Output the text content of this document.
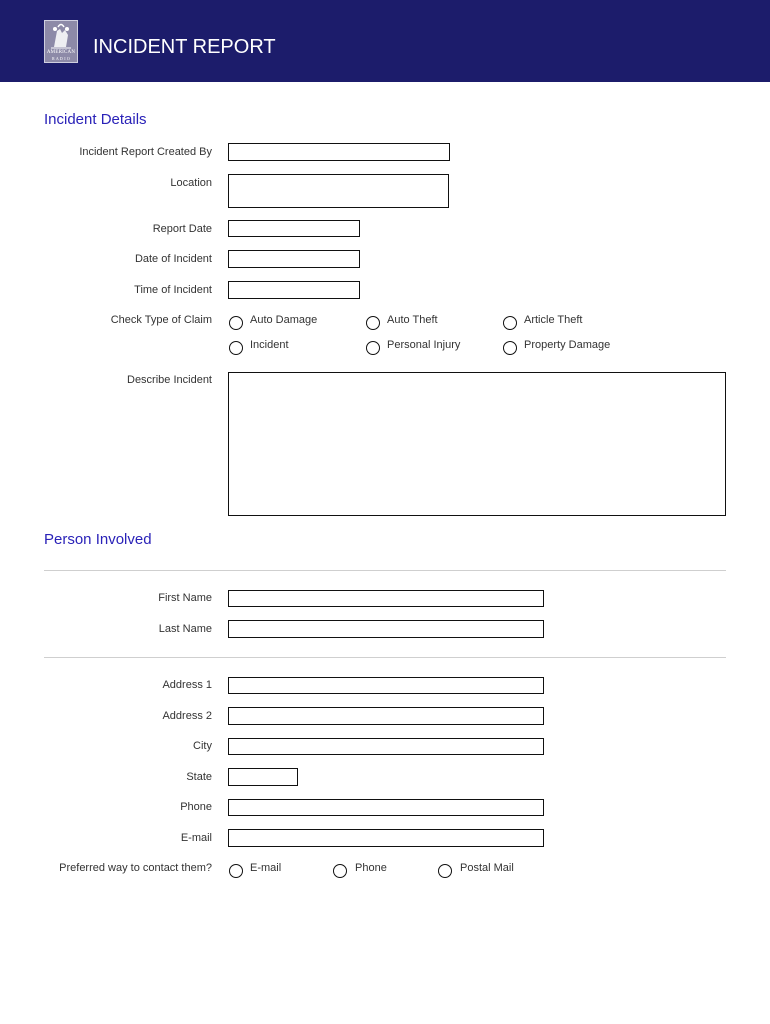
AMERICAN
R A D I O
INCIDENT REPORT
Incident Details
Incident Report Created By
Location
Report Date
Date of Incident
Time of Incident
Check Type of Claim	Auto Damage	Auto Theft	Article Theft
Incident	Personal Injury	Property Damage
Describe Incident
Person Involved
First Name
Last Name
Address 1
Address 2
City
State
Phone
E-mail
Preferred way to contact them?	E-mail	Phone	Postal Mail
